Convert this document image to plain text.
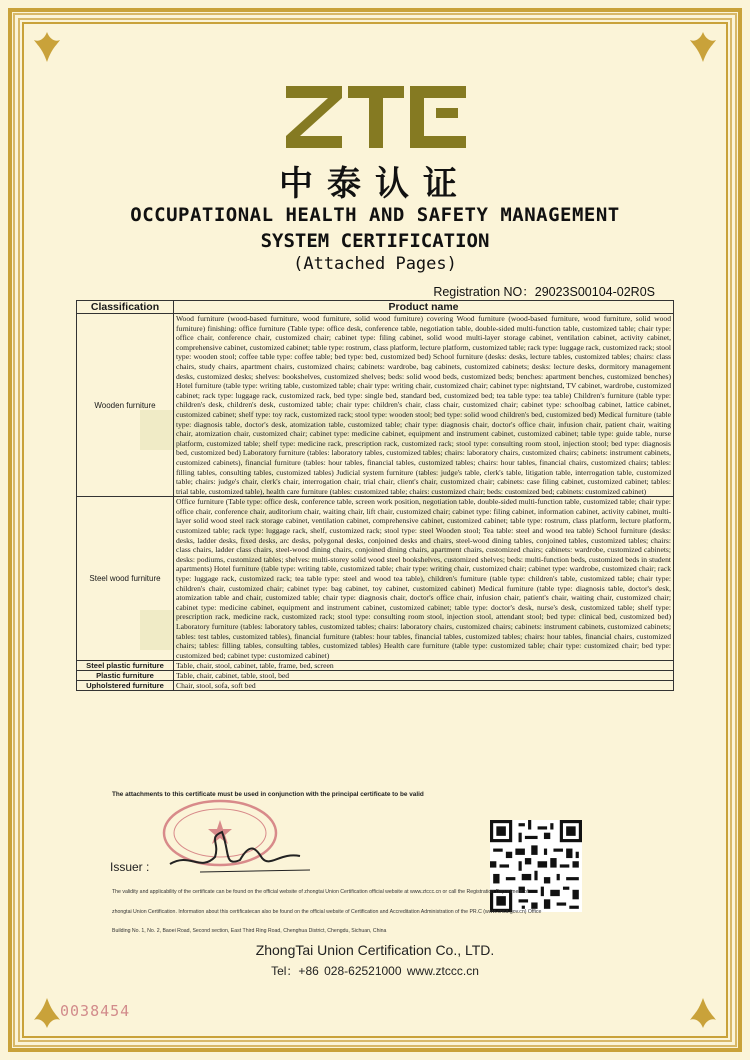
中泰认证
OCCUPATIONAL HEALTH AND SAFETY MANAGEMENT
SYSTEM CERTIFICATION
(Attached Pages)
Registration NO：29023S00104-02R0S
Classification	Product name
Wooden furniture	Wood furniture (wood-based furniture, wood furniture, solid wood furniture) covering Wood furniture (wood-based furniture, wood furniture, solid wood furniture) finishing: office furniture (Table type: office desk, conference table, negotiation table, double-sided multi-function table, customized table; chair type: office chair, conference chair, customized chair; cabinet type: filing cabinet, solid wood multi-layer storage cabinet, ventilation cabinet, activity cabinet, comprehensive cabinet, customized cabinet; table type: rostrum, class platform, lecture platform, customized table; rack type: luggage rack, customized rack; stool type: wooden stool; coffee table type: coffee table; bed type: bed, customized bed) School furniture (desks: desks, lecture tables, customized tables; chairs: class chairs, study chairs, apartment chairs, customized chairs; cabinets: wardrobe, bag cabinets, customized cabinets; desks: lecture desks, dormitory management desks, customized desks; shelves: bookshelves, customized shelves; beds: solid wood beds, customized beds; benches: apartment benches, customized benches) Hotel furniture (table type: writing table, customized table; chair type: writing chair, customized chair; cabinet type: nightstand, TV cabinet, wardrobe, customized cabinet; rack type: luggage rack, customized rack, bed type: single bed, standard bed, customized bed; tea table type: tea table) Children's furniture (table type: children's desk, children's desk, customized table; chair type: children's chair, class chair, customized chair; cabinet type: schoolbag cabinet, lattice cabinet, customized cabinet; shelf type: toy rack, customized rack; stool type: wooden stool; bed type: solid wood children's bed, customized bed) Medical furniture (table type: diagnosis table, doctor's desk, atomization table, customized table; chair type: diagnosis chair, doctor's office chair, infusion chair, patient chair, waiting chair, atomization chair, customized chair; cabinet type: medicine cabinet, equipment and instrument cabinet, customized cabinet; table type: guide table, nurse platform, customized table; shelf type: medicine rack, prescription rack, customized rack; stool type: consulting room stool, injection stool; bed type: diagnosis bed, customized bed) Laboratory furniture (tables: laboratory tables, customized tables; chairs: laboratory chairs, customized chairs; cabinets: instrument cabinets, customized cabinets), financial furniture (tables: hour tables, financial tables, customized tables; chairs: hour tables, financial chairs, customized chairs; tables: filling tables, consulting tables, customized tables) Judicial system furniture (tables: judge's table, clerk's table, litigation table, interrogation table, customized table; chairs: judge's chair, clerk's chair, interrogation chair, trial chair, client's chair, customized chair; cabinets: case filing cabinet, customized cabinet; tables: trial table, customized table), health care furniture (tables: customized table; chairs: customized chair; beds: customized bed; cabinets: customized cabinet)
Steel wood furniture	Office furniture (Table type: office desk, conference table, screen work position, negotiation table, double-sided multi-function table, customized table; chair type: office chair, conference chair, auditorium chair, waiting chair, lift chair, customized chair; cabinet type: filing cabinet, information cabinet, activity cabinet, multi-layer solid wood steel rack storage cabinet, ventilation cabinet, comprehensive cabinet, customized cabinet; table type: rostrum, class platform, lecture platform, customized table; rack type: luggage rack, shelf, customized rack; stool type: steel Wooden stool; Tea table: steel and wood tea table) School furniture (desks: desks, ladder desks, fixed desks, arc desks, polygonal desks, conjoined desks and chairs, steel-wood dining tables, conjoined tables, customized tables; chairs: class chairs, ladder class chairs, steel-wood dining chairs, conjoined dining chairs, apartment chairs, customized chairs; cabinets: wardrobe, customized cabinets; desks: podiums, customized tables; shelves: multi-storey solid wood steel bookshelves, customized shelves; beds: multi-function beds, customized beds in student apartments) Hotel furniture (table type: writing table, customized table; chair type: writing chair, customized chair; cabinet type: wardrobe, customized chair; rack type: luggage rack, customized rack; tea table type: steel and wood tea table), children's furniture (table type: children's table, customized table; chair type: children's chair, customized chair; cabinet type: bag cabinet, toy cabinet, customized cabinet) Medical furniture (table type: diagnosis table, doctor's desk, atomization table and chair, customized table; chair type: diagnosis chair, doctor's office chair, infusion chair, patient's chair, waiting chair, customized chair; cabinet type: medicine cabinet, equipment and instrument cabinet, customized cabinet; table type: doctor's desk, nurse's desk, customized table; shelf type: prescription rack, medicine rack, customized rack; stool type: consulting room stool, injection stool, attendant stool; bed type: clinical bed, customized bed) Laboratory furniture (tables: laboratory tables, customized tables; chairs: laboratory chairs, customized chairs; cabinets: instrument cabinets, customized cabinets; tables: test tables, customized tables), financial furniture (tables: hour tables, financial tables, customized tables; chairs: hour tables, financial chairs, customized chairs; tables: filling tables, consulting tables, customized tables) Health care furniture (table type: customized table; chair type: customized chair; bed type: customized bed; cabinet type: customized cabinet)
Steel plastic furniture	Table, chair, stool, cabinet, table, frame, bed, screen
Plastic furniture	Table, chair, cabinet, table, stool, bed
Upholstered furniture	Chair, stool, sofa, soft bed
The attachments to this certificate must be used in conjunction with the principal certificate to be valid
Issuer :
The validity and applicability of the certificate can be found on the official website of zhongtai Union Certification official website at www.ztccc.cn or call the Registration Department of
zhongtai Union Certification. Information about this certificatecan also be found on the official website of Certification and Accreditation Administration of the PR.C (www.cnca.gov.cn) Office
Building No. 1, No. 2, Baoei Road, Second section, East Third Ring Road, Chenghua District, Chengdu, Sichuan, China
ZhongTai Union Certification Co., LTD.
Tel：+86 028-62521000 www.ztccc.cn
0038454
